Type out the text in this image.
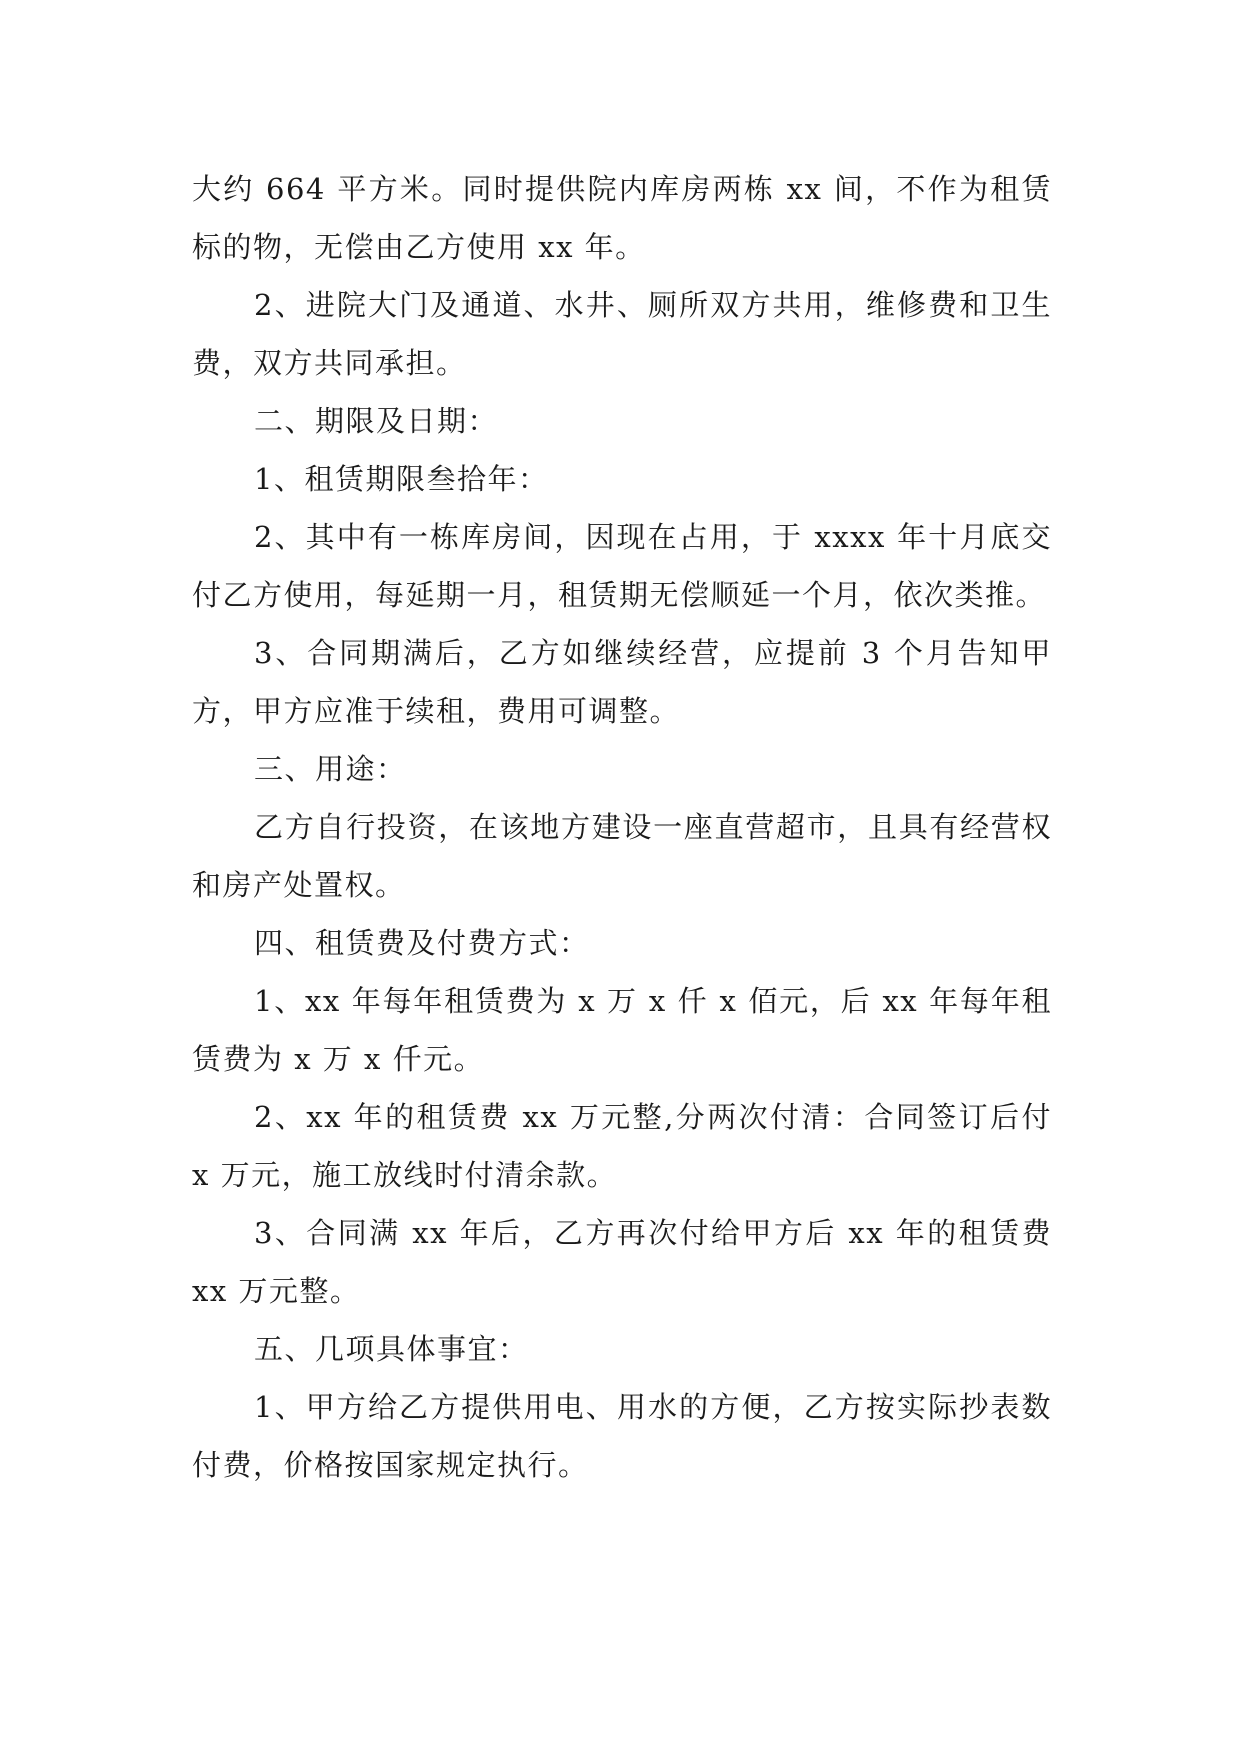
大约 664 平方米。同时提供院内库房两栋 xx 间，不作为租赁标的物，无偿由乙方使用 xx 年。

2、进院大门及通道、水井、厕所双方共用，维修费和卫生费，双方共同承担。

二、期限及日期：

1、租赁期限叁拾年：

2、其中有一栋库房间，因现在占用，于 xxxx 年十月底交付乙方使用，每延期一月，租赁期无偿顺延一个月，依次类推。

3、合同期满后，乙方如继续经营，应提前 3 个月告知甲方，甲方应准于续租，费用可调整。

三、用途：

乙方自行投资，在该地方建设一座直营超市，且具有经营权和房产处置权。

四、租赁费及付费方式：

1、xx 年每年租赁费为 x 万 x 仟 x 佰元，后 xx 年每年租赁费为 x 万 x 仟元。

2、xx 年的租赁费 xx 万元整,分两次付清：合同签订后付 x 万元，施工放线时付清余款。

3、合同满 xx 年后，乙方再次付给甲方后 xx 年的租赁费 xx 万元整。

五、几项具体事宜：

1、甲方给乙方提供用电、用水的方便，乙方按实际抄表数付费，价格按国家规定执行。
